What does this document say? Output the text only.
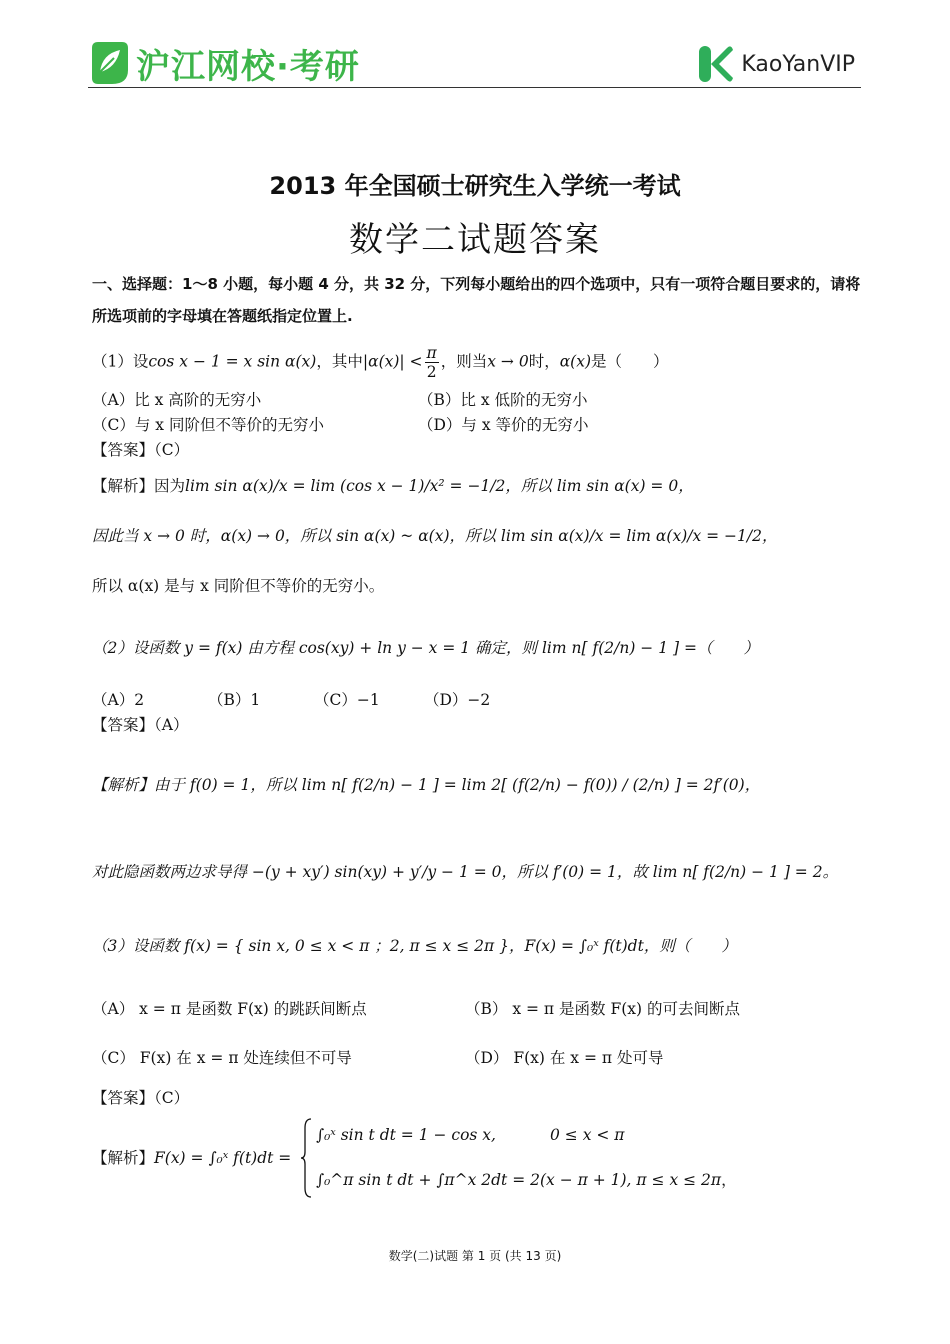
沪江网校·考研	KaoYanVIP
2013 年全国硕士研究生入学统一考试
数学二试题答案
一、选择题：1～8 小题，每小题 4 分，共 32 分，下列每小题给出的四个选项中，只有一项符合题目要求的，请将所选项前的字母填在答题纸指定位置上.
（1）设cos x − 1 = x sin α(x)，其中$|\alpha(x)| < \frac{\pi}{2}$ ，则当x → 0时，α(x)是（　　）
（A）比 x 高阶的无穷小	（B）比 x 低阶的无穷小
（C）与 x 同阶但不等价的无穷小	（D）与 x 等价的无穷小
【答案】（C）
【解析】因为lim sin α(x)/x = lim (cos x − 1)/x² = −1/2，所以 lim sin α(x) = 0，
因此当 x → 0 时，α(x) → 0，所以 sin α(x) ~ α(x)，所以 lim sin α(x)/x = lim α(x)/x = −1/2，
所以 α(x) 是与 x 同阶但不等价的无穷小。
（2）设函数 y = f(x) 由方程 cos(xy) + ln y − x = 1 确定，则 lim n[ f(2/n) − 1 ] =（　　）
（A）2	（B）1	（C）−1	（D）−2
【答案】（A）
【解析】由于 f(0) = 1，所以 lim n[ f(2/n) − 1 ] = lim 2[ (f(2/n) − f(0)) / (2/n) ] = 2f′(0)，
对此隐函数两边求导得 −(y + xy′) sin(xy) + y′/y − 1 = 0，所以 f′(0) = 1，故 lim n[ f(2/n) − 1 ] = 2。
（3）设函数 f(x) = { sin x, 0 ≤ x < π ；2, π ≤ x ≤ 2π }，F(x) = ∫₀ˣ f(t)dt，则（　　）
（A） x = π 是函数 F(x) 的跳跃间断点	（B） x = π 是函数 F(x) 的可去间断点
（C） F(x) 在 x = π 处连续但不可导	（D） F(x) 在 x = π 处可导
【答案】（C）
【解析】F(x) = ∫₀ˣ f(t)dt =
∫₀ˣ sin t dt = 1 − cos x,	0 ≤ x < π
∫₀^π sin t dt + ∫π^x 2dt = 2(x − π + 1), π ≤ x ≤ 2π，
数学(二)试题 第 1 页 (共 13 页)
